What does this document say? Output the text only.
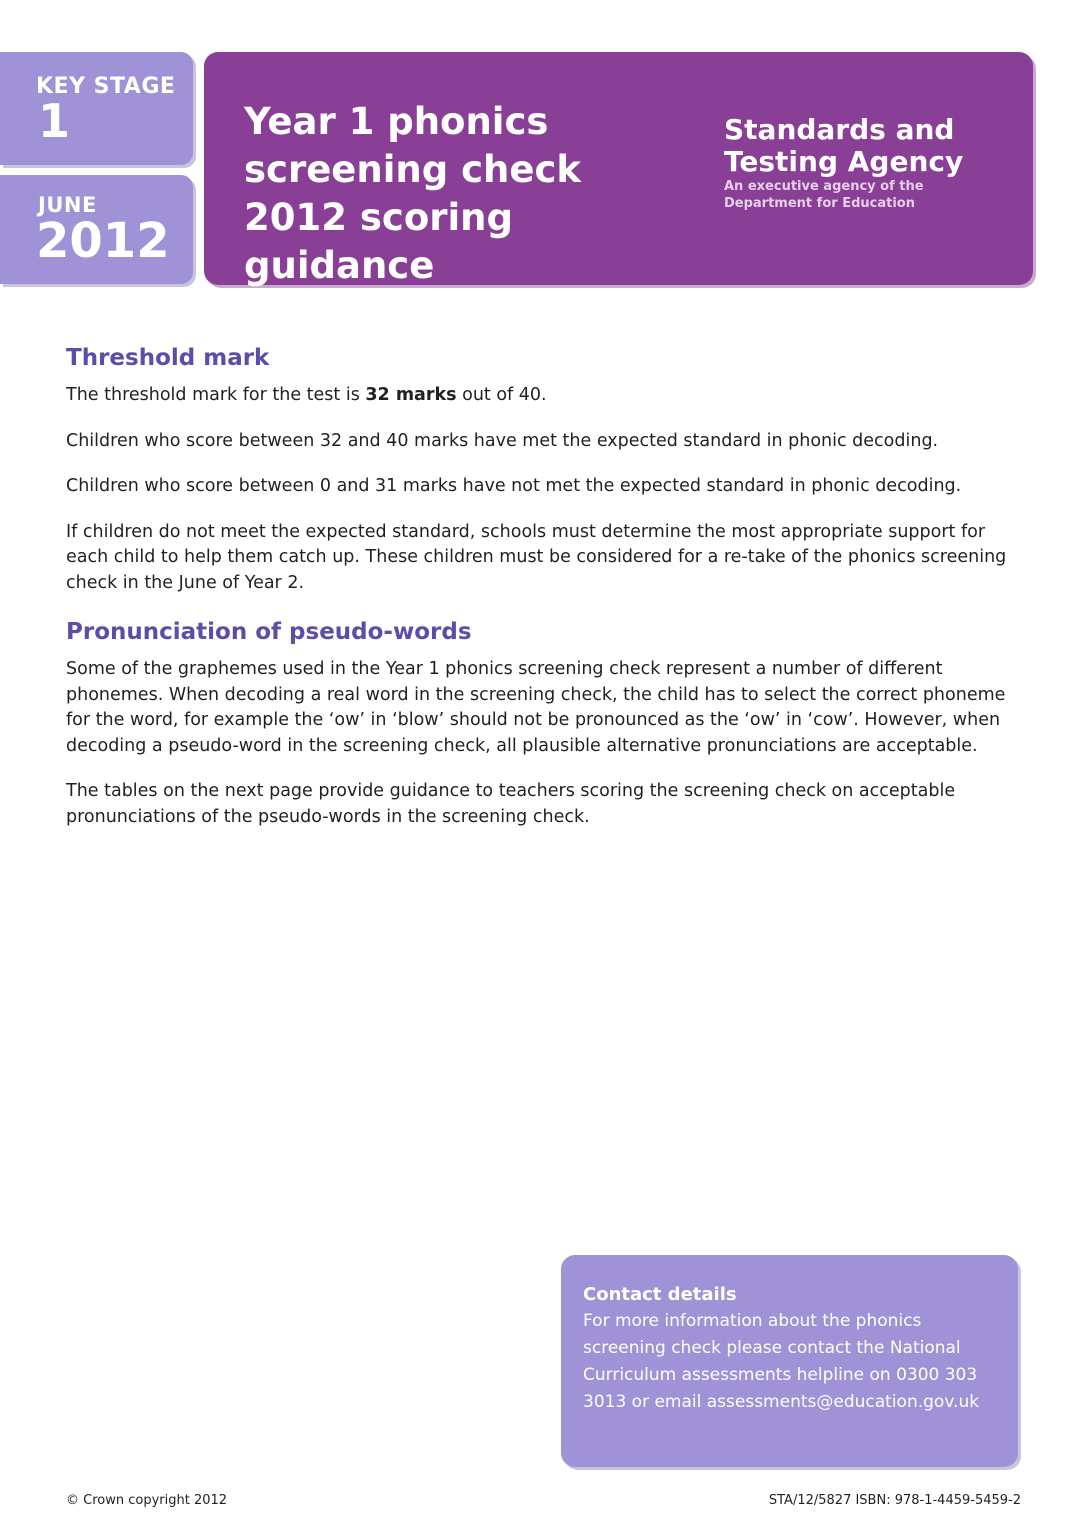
KEY STAGE
1
JUNE
2012
Year 1 phonics
screening check
2012 scoring guidance
Standards and
Testing Agency
An executive agency of the
Department for Education
Threshold mark

The threshold mark for the test is 32 marks out of 40.

Children who score between 32 and 40 marks have met the expected standard in phonic decoding.

Children who score between 0 and 31 marks have not met the expected standard in phonic decoding.

If children do not meet the expected standard, schools must determine the most appropriate support for each child to help them catch up. These children must be considered for a re-take of the phonics screening check in the June of Year 2.

Pronunciation of pseudo-words

Some of the graphemes used in the Year 1 phonics screening check represent a number of different phonemes. When decoding a real word in the screening check, the child has to select the correct phoneme for the word, for example the ‘ow’ in ‘blow’ should not be pronounced as the ‘ow’ in ‘cow’. However, when decoding a pseudo-word in the screening check, all plausible alternative pronunciations are acceptable.

The tables on the next page provide guidance to teachers scoring the screening check on acceptable pronunciations of the pseudo-words in the screening check.

Contact details
For more information about the phonics screening check please contact the National Curriculum assessments helpline on 0300 303 3013 or email assessments@education.gov.uk
© Crown copyright 2012	STA/12/5827 ISBN: 978-1-4459-5459-2
